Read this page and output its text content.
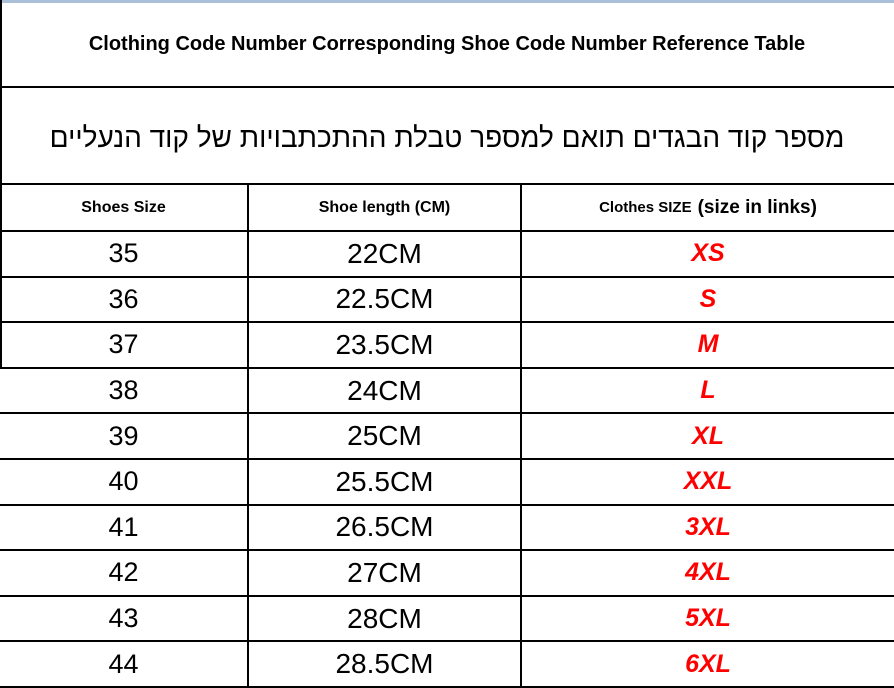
Clothing Code Number Corresponding Shoe Code Number Reference Table
מספר קוד הבגדים תואם למספר טבלת ההתכתבויות של קוד הנעליים
Shoes Size	Shoe length (CM)	Clothes SIZE (size in links)
35	22CM	XS
36	22.5CM	S
37	23.5CM	M
38	24CM	L
39	25CM	XL
40	25.5CM	XXL
41	26.5CM	3XL
42	27CM	4XL
43	28CM	5XL
44	28.5CM	6XL
